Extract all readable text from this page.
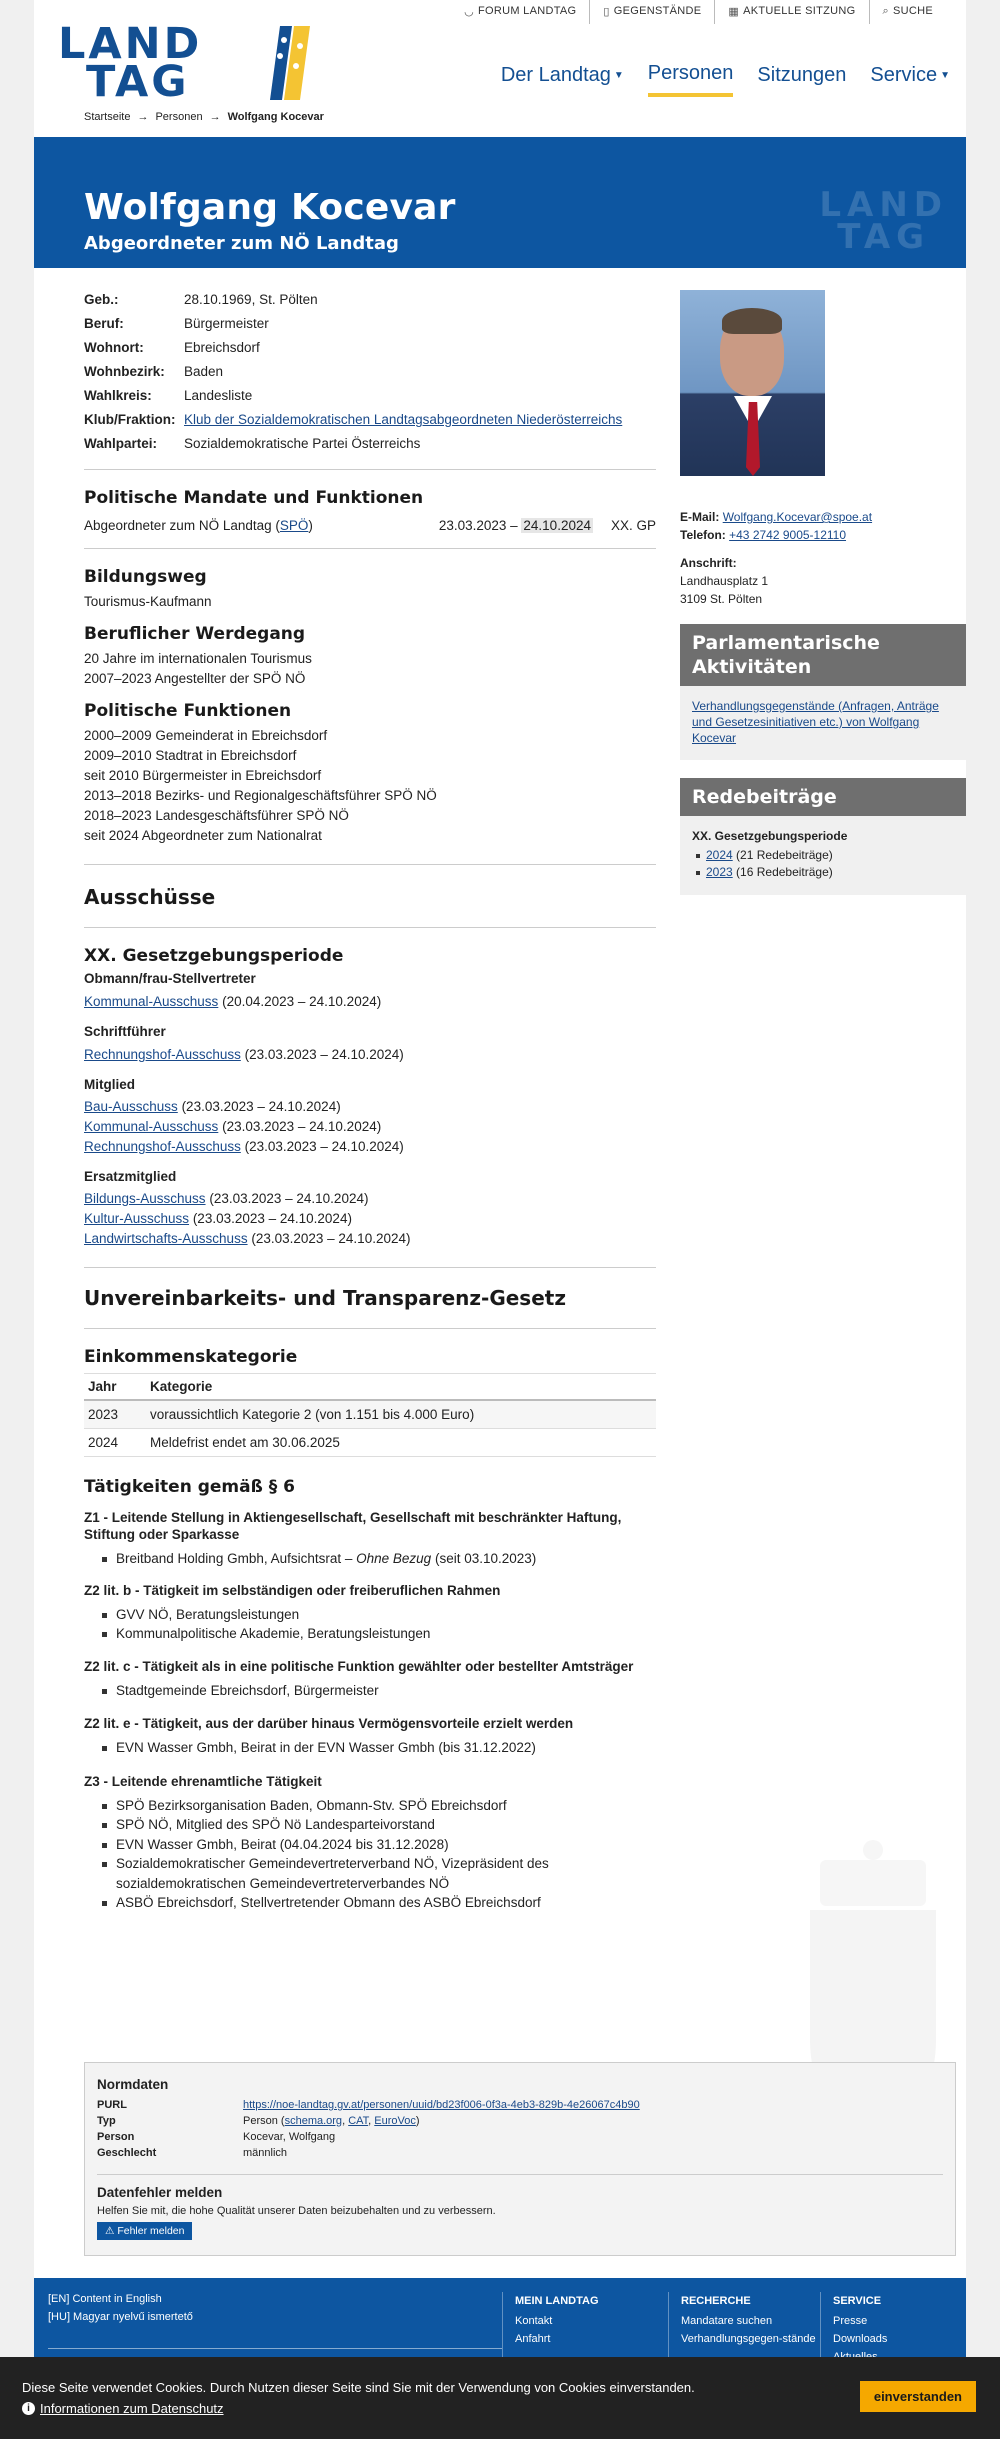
◡ FORUM LANDTAG ▯ GEGENSTÄNDE ▦ AKTUELLE SITZUNG ⌕ SUCHE
LAND
TAG
Startseite → Personen → Wolfgang Kocevar
Der Landtag ▼ Personen Sitzungen Service ▼
Wolfgang Kocevar
Abgeordneter zum NÖ Landtag
LAND
TAG
Geb.:	28.10.1969, St. Pölten
Beruf:	Bürgermeister
Wohnort:	Ebreichsdorf
Wohnbezirk:	Baden
Wahlkreis:	Landesliste
Klub/Fraktion: Klub der Sozialdemokratischen Landtagsabgeordneten Niederösterreichs
Wahlpartei:	Sozialdemokratische Partei Österreichs
Politische Mandate und Funktionen
Abgeordneter zum NÖ Landtag (SPÖ)	23.03.2023 – 24.10.2024 XX. GP
Bildungsweg
Tourismus-Kaufmann
Beruflicher Werdegang
20 Jahre im internationalen Tourismus
2007–2023 Angestellter der SPÖ NÖ
Politische Funktionen
2000–2009 Gemeinderat in Ebreichsdorf
2009–2010 Stadtrat in Ebreichsdorf
seit 2010 Bürgermeister in Ebreichsdorf
2013–2018 Bezirks- und Regionalgeschäftsführer SPÖ NÖ
2018–2023 Landesgeschäftsführer SPÖ NÖ
seit 2024 Abgeordneter zum Nationalrat
Ausschüsse
XX. Gesetzgebungsperiode
Obmann/frau-Stellvertreter
Kommunal-Ausschuss (20.04.2023 – 24.10.2024)
Schriftführer
Rechnungshof-Ausschuss (23.03.2023 – 24.10.2024)
Mitglied
Bau-Ausschuss (23.03.2023 – 24.10.2024)
Kommunal-Ausschuss (23.03.2023 – 24.10.2024)
Rechnungshof-Ausschuss (23.03.2023 – 24.10.2024)
Ersatzmitglied
Bildungs-Ausschuss (23.03.2023 – 24.10.2024)
Kultur-Ausschuss (23.03.2023 – 24.10.2024)
Landwirtschafts-Ausschuss (23.03.2023 – 24.10.2024)
Unvereinbarkeits- und Transparenz-Gesetz
Einkommenskategorie
Jahr	Kategorie
2023	voraussichtlich Kategorie 2 (von 1.151 bis 4.000 Euro)
2024	Meldefrist endet am 30.06.2025
Tätigkeiten gemäß § 6
Z1 - Leitende Stellung in Aktiengesellschaft, Gesellschaft mit beschränkter Haftung, Stiftung oder Sparkasse
Breitband Holding Gmbh, Aufsichtsrat – Ohne Bezug (seit 03.10.2023)
Z2 lit. b - Tätigkeit im selbständigen oder freiberuflichen Rahmen
GVV NÖ, Beratungsleistungen
Kommunalpolitische Akademie, Beratungsleistungen
Z2 lit. c - Tätigkeit als in eine politische Funktion gewählter oder bestellter Amtsträger
Stadtgemeinde Ebreichsdorf, Bürgermeister
Z2 lit. e - Tätigkeit, aus der darüber hinaus Vermögensvorteile erzielt werden
EVN Wasser Gmbh, Beirat in der EVN Wasser Gmbh (bis 31.12.2022)
Z3 - Leitende ehrenamtliche Tätigkeit
SPÖ Bezirksorganisation Baden, Obmann-Stv. SPÖ Ebreichsdorf
SPÖ NÖ, Mitglied des SPÖ Nö Landesparteivorstand
EVN Wasser Gmbh, Beirat (04.04.2024 bis 31.12.2028)
Sozialdemokratischer Gemeindevertreterverband NÖ, Vizepräsident des sozialdemokratischen Gemeindevertreterverbandes NÖ
ASBÖ Ebreichsdorf, Stellvertretender Obmann des ASBÖ Ebreichsdorf
E-Mail: Wolfgang.Kocevar@spoe.at
Telefon: +43 2742 9005-12110
Anschrift:
Landhausplatz 1
3109 St. Pölten
Parlamentarische Aktivitäten
Verhandlungsgegenstände (Anfragen, Anträge und Gesetzesinitiativen etc.) von Wolfgang Kocevar
Redebeiträge
XX. Gesetzgebungsperiode
2024 (21 Redebeiträge)
2023 (16 Redebeiträge)
Normdaten
PURL	https://noe-landtag.gv.at/personen/uuid/bd23f006-0f3a-4eb3-829b-4e26067c4b90
Typ	Person (schema.org, CAT, EuroVoc)
Person	Kocevar, Wolfgang
Geschlecht	männlich
Datenfehler melden
Helfen Sie mit, die hohe Qualität unserer Daten beizubehalten und zu verbessern.
⚠ Fehler melden
[EN] Content in English
[HU] Magyar nyelvű ismertető
MEIN LANDTAG
Kontakt
Anfahrt
RECHERCHE
Mandatare suchen
Verhandlungsgegen-stände
SERVICE
Presse
Downloads
Diese Seite verwendet Cookies. Durch Nutzen dieser Seite sind Sie mit der Verwendung von Cookies einverstanden.
i Informationen zum Datenschutz
einverstanden
